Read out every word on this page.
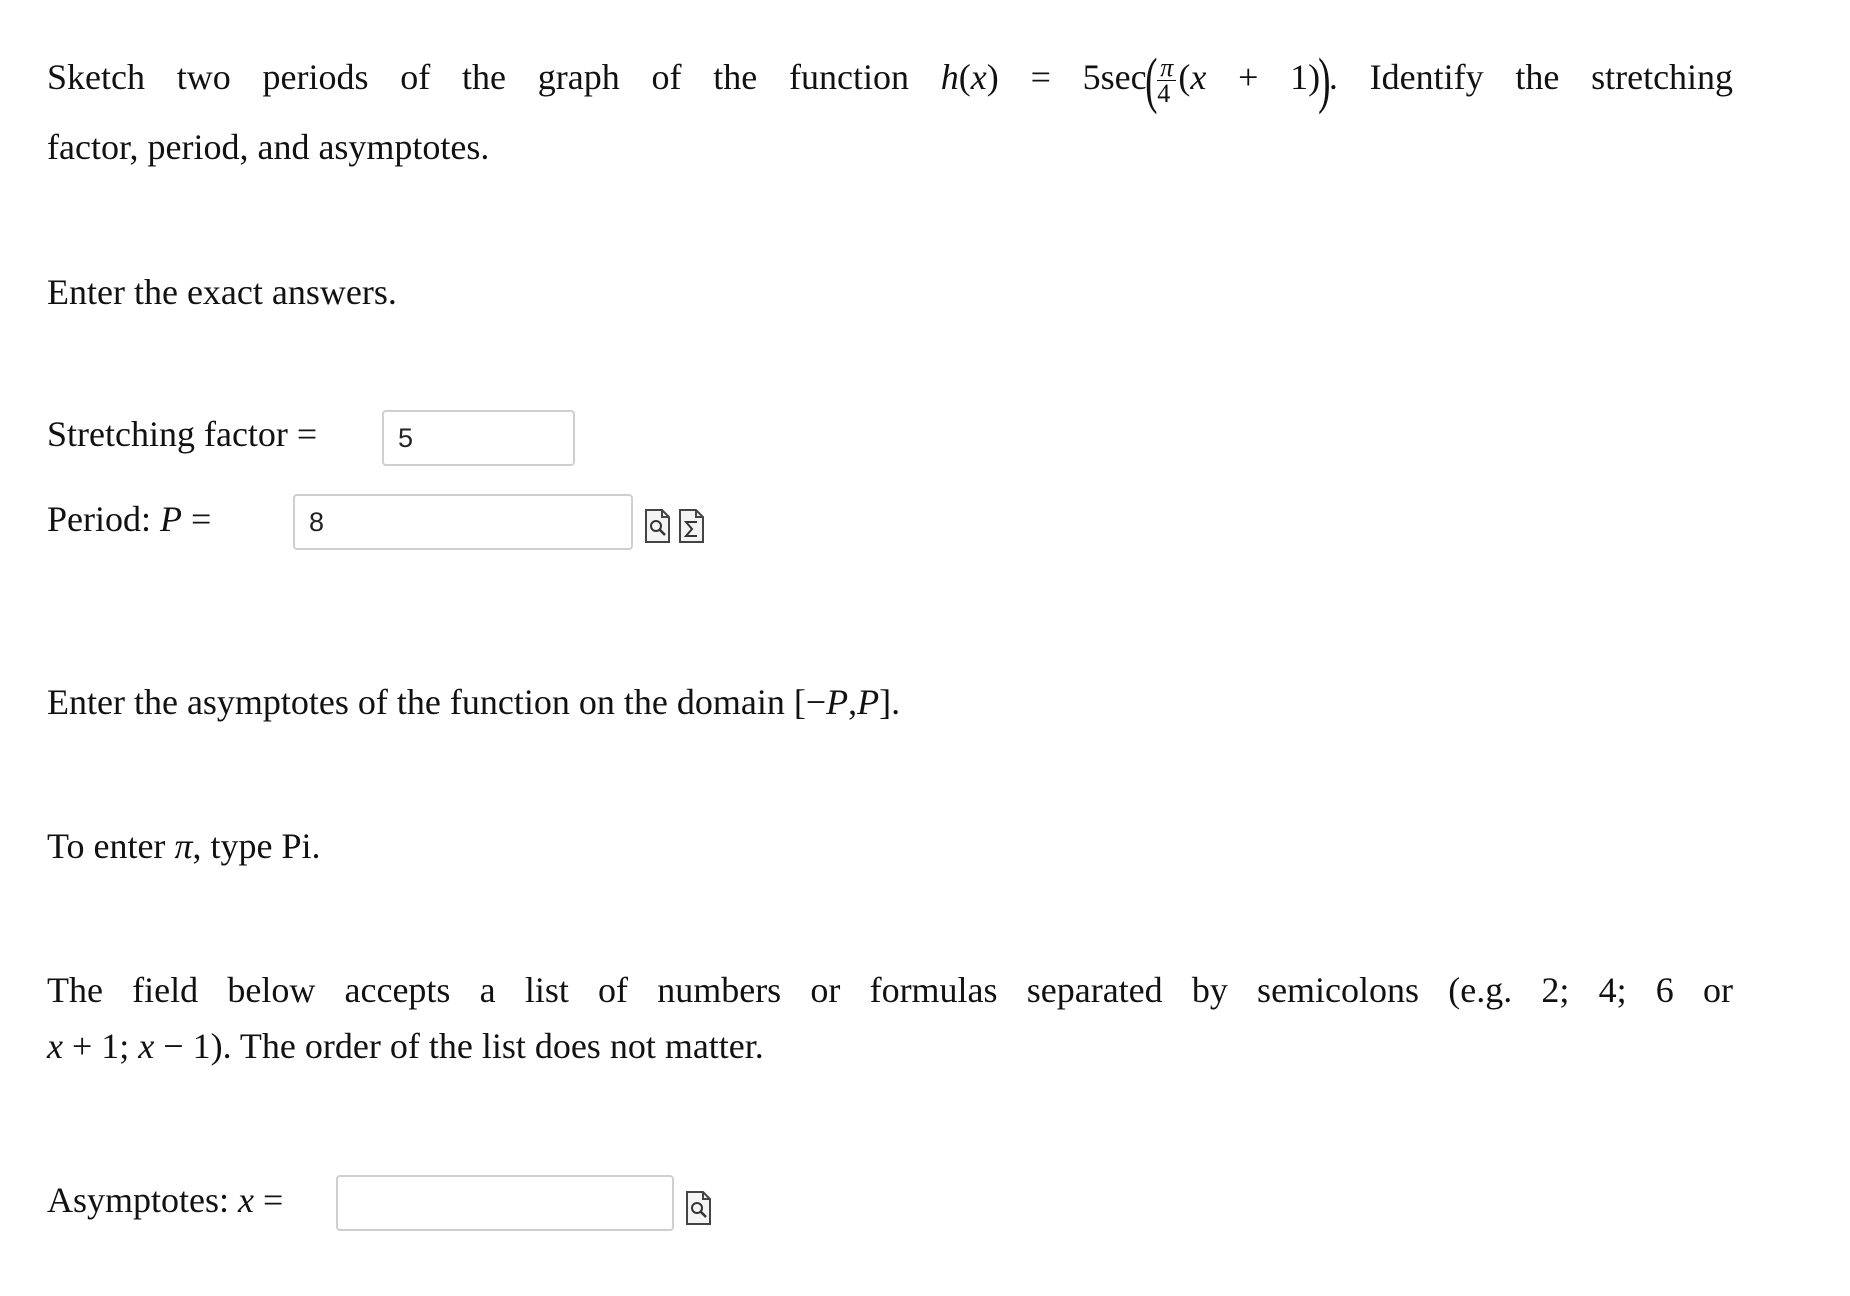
Sketch two periods of the graph of the function $h(x) = 5\sec( \frac{\pi}{4} (x + 1))$. Identify the stretching
factor, period, and asymptotes.
Enter the exact answers.
Stretching factor =	5
Period: P =	8
Enter the asymptotes of the function on the domain [−P,P].
To enter π, type Pi.
The field below accepts a list of numbers or formulas separated by semicolons (e.g. 2; 4; 6 or
x + 1; x − 1). The order of the list does not matter.
Asymptotes: x =
